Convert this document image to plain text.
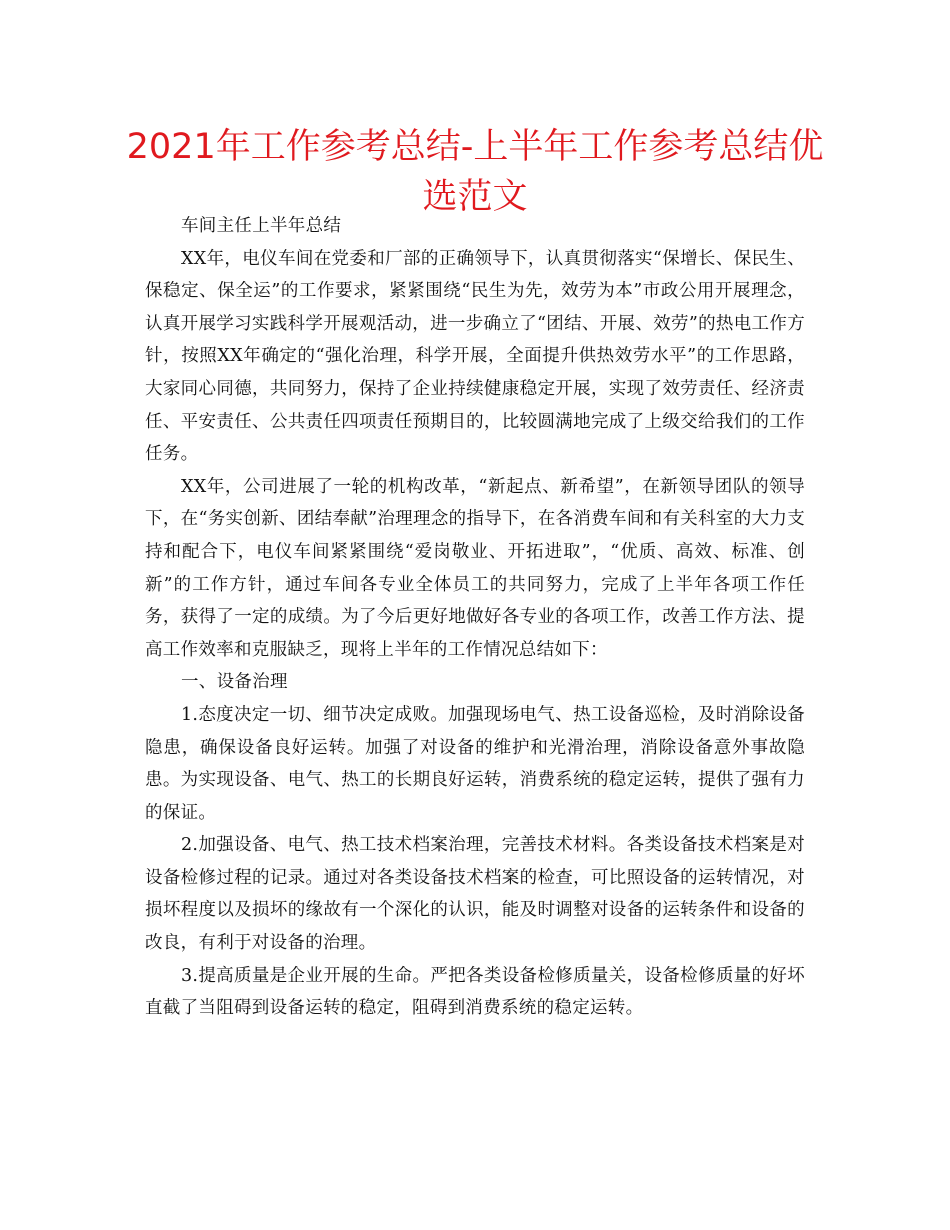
2021年工作参考总结-上半年工作参考总结优选范文

车间主任上半年总结

XX年，电仪车间在党委和厂部的正确领导下，认真贯彻落实“保增长、保民生、保稳定、保全运”的工作要求，紧紧围绕“民生为先，效劳为本”市政公用开展理念，认真开展学习实践科学开展观活动，进一步确立了“团结、开展、效劳”的热电工作方针，按照XX年确定的“强化治理，科学开展，全面提升供热效劳水平”的工作思路，大家同心同德，共同努力，保持了企业持续健康稳定开展，实现了效劳责任、经济责任、平安责任、公共责任四项责任预期目的，比较圆满地完成了上级交给我们的工作任务。

XX年，公司进展了一轮的机构改革，“新起点、新希望”，在新领导团队的领导下，在“务实创新、团结奉献”治理理念的指导下，在各消费车间和有关科室的大力支持和配合下，电仪车间紧紧围绕“爱岗敬业、开拓进取”，“优质、高效、标准、创新”的工作方针，通过车间各专业全体员工的共同努力，完成了上半年各项工作任务，获得了一定的成绩。为了今后更好地做好各专业的各项工作，改善工作方法、提高工作效率和克服缺乏，现将上半年的工作情况总结如下：

一、设备治理

1.态度决定一切、细节决定成败。加强现场电气、热工设备巡检，及时消除设备隐患，确保设备良好运转。加强了对设备的维护和光滑治理，消除设备意外事故隐患。为实现设备、电气、热工的长期良好运转，消费系统的稳定运转，提供了强有力的保证。

2.加强设备、电气、热工技术档案治理，完善技术材料。各类设备技术档案是对设备检修过程的记录。通过对各类设备技术档案的检查，可比照设备的运转情况，对损坏程度以及损坏的缘故有一个深化的认识，能及时调整对设备的运转条件和设备的改良，有利于对设备的治理。

3.提高质量是企业开展的生命。严把各类设备检修质量关，设备检修质量的好坏直截了当阻碍到设备运转的稳定，阻碍到消费系统的稳定运转。
